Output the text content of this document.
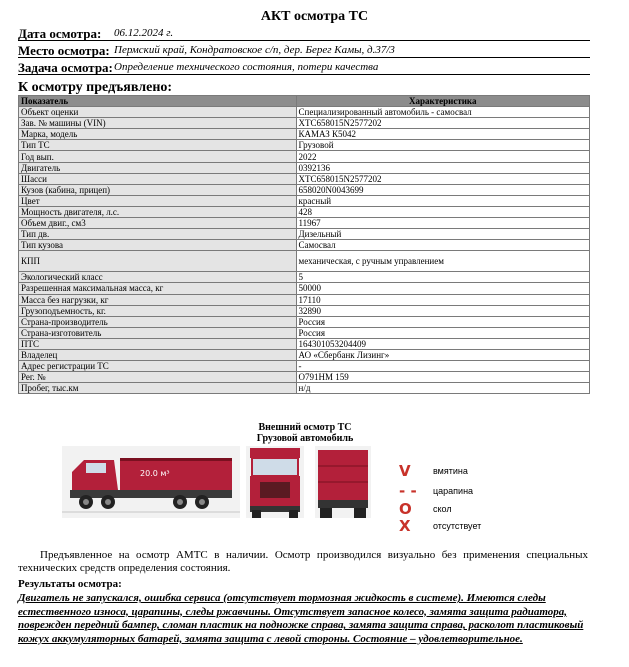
АКТ осмотра ТС
Дата осмотра: 06.12.2024 г.
Место осмотра: Пермский край, Кондратовское с/п, дер. Берег Камы, д.37/3
Задача осмотра: Определение технического состояния, потери качества
К осмотру предъявлено:
Показатель	Характеристика
Объект оценки	Специализированный автомобиль - самосвал
Зав. № машины (VIN)	XTC658015N2577202
Марка, модель	КАМАЗ К5042
Тип ТС	Грузовой
Год вып.	2022
Двигатель	0392136
Шасси	XTC658015N2577202
Кузов (кабина, прицеп)	658020N0043699
Цвет	красный
Мощность двигателя, л.с.	428
Объем двиг., см3	11967
Тип дв.	Дизельный
Тип кузова	Самосвал
КПП	механическая, с ручным управлением
Экологический класс	5
Разрешенная максимальная масса, кг	50000
Масса без нагрузки, кг	17110
Грузоподъемность, кг.	32890
Страна-производитель	Россия
Страна-изготовитель	Россия
ПТС	164301053204409
Владелец	АО «Сбербанк Лизинг»
Адрес регистрации ТС	-
Рег. №	О791НМ 159
Пробег, тыс.км	н/д
Внешний осмотр ТС
Грузовой автомобиль
20.0 м³	V вмятина
- - царапина
O скол
X отсутствует
Предъявленное на осмотр АМТС в наличии. Осмотр производился визуально без применения специальных технических средств определения состояния.
Результаты осмотра:
Двигатель не запускался, ошибка сервиса (отсутствует тормозная жидкость в системе). Имеются следы естественного износа, царапины, следы ржавчины. Отсутствует запасное колесо, замята защита радиатора, поврежден передний бампер, сломан пластик на подножке справа, замята защита справа, расколот пластиковый кожух аккумуляторных батарей, замята защита с левой стороны. Состояние – удовлетворительное.
